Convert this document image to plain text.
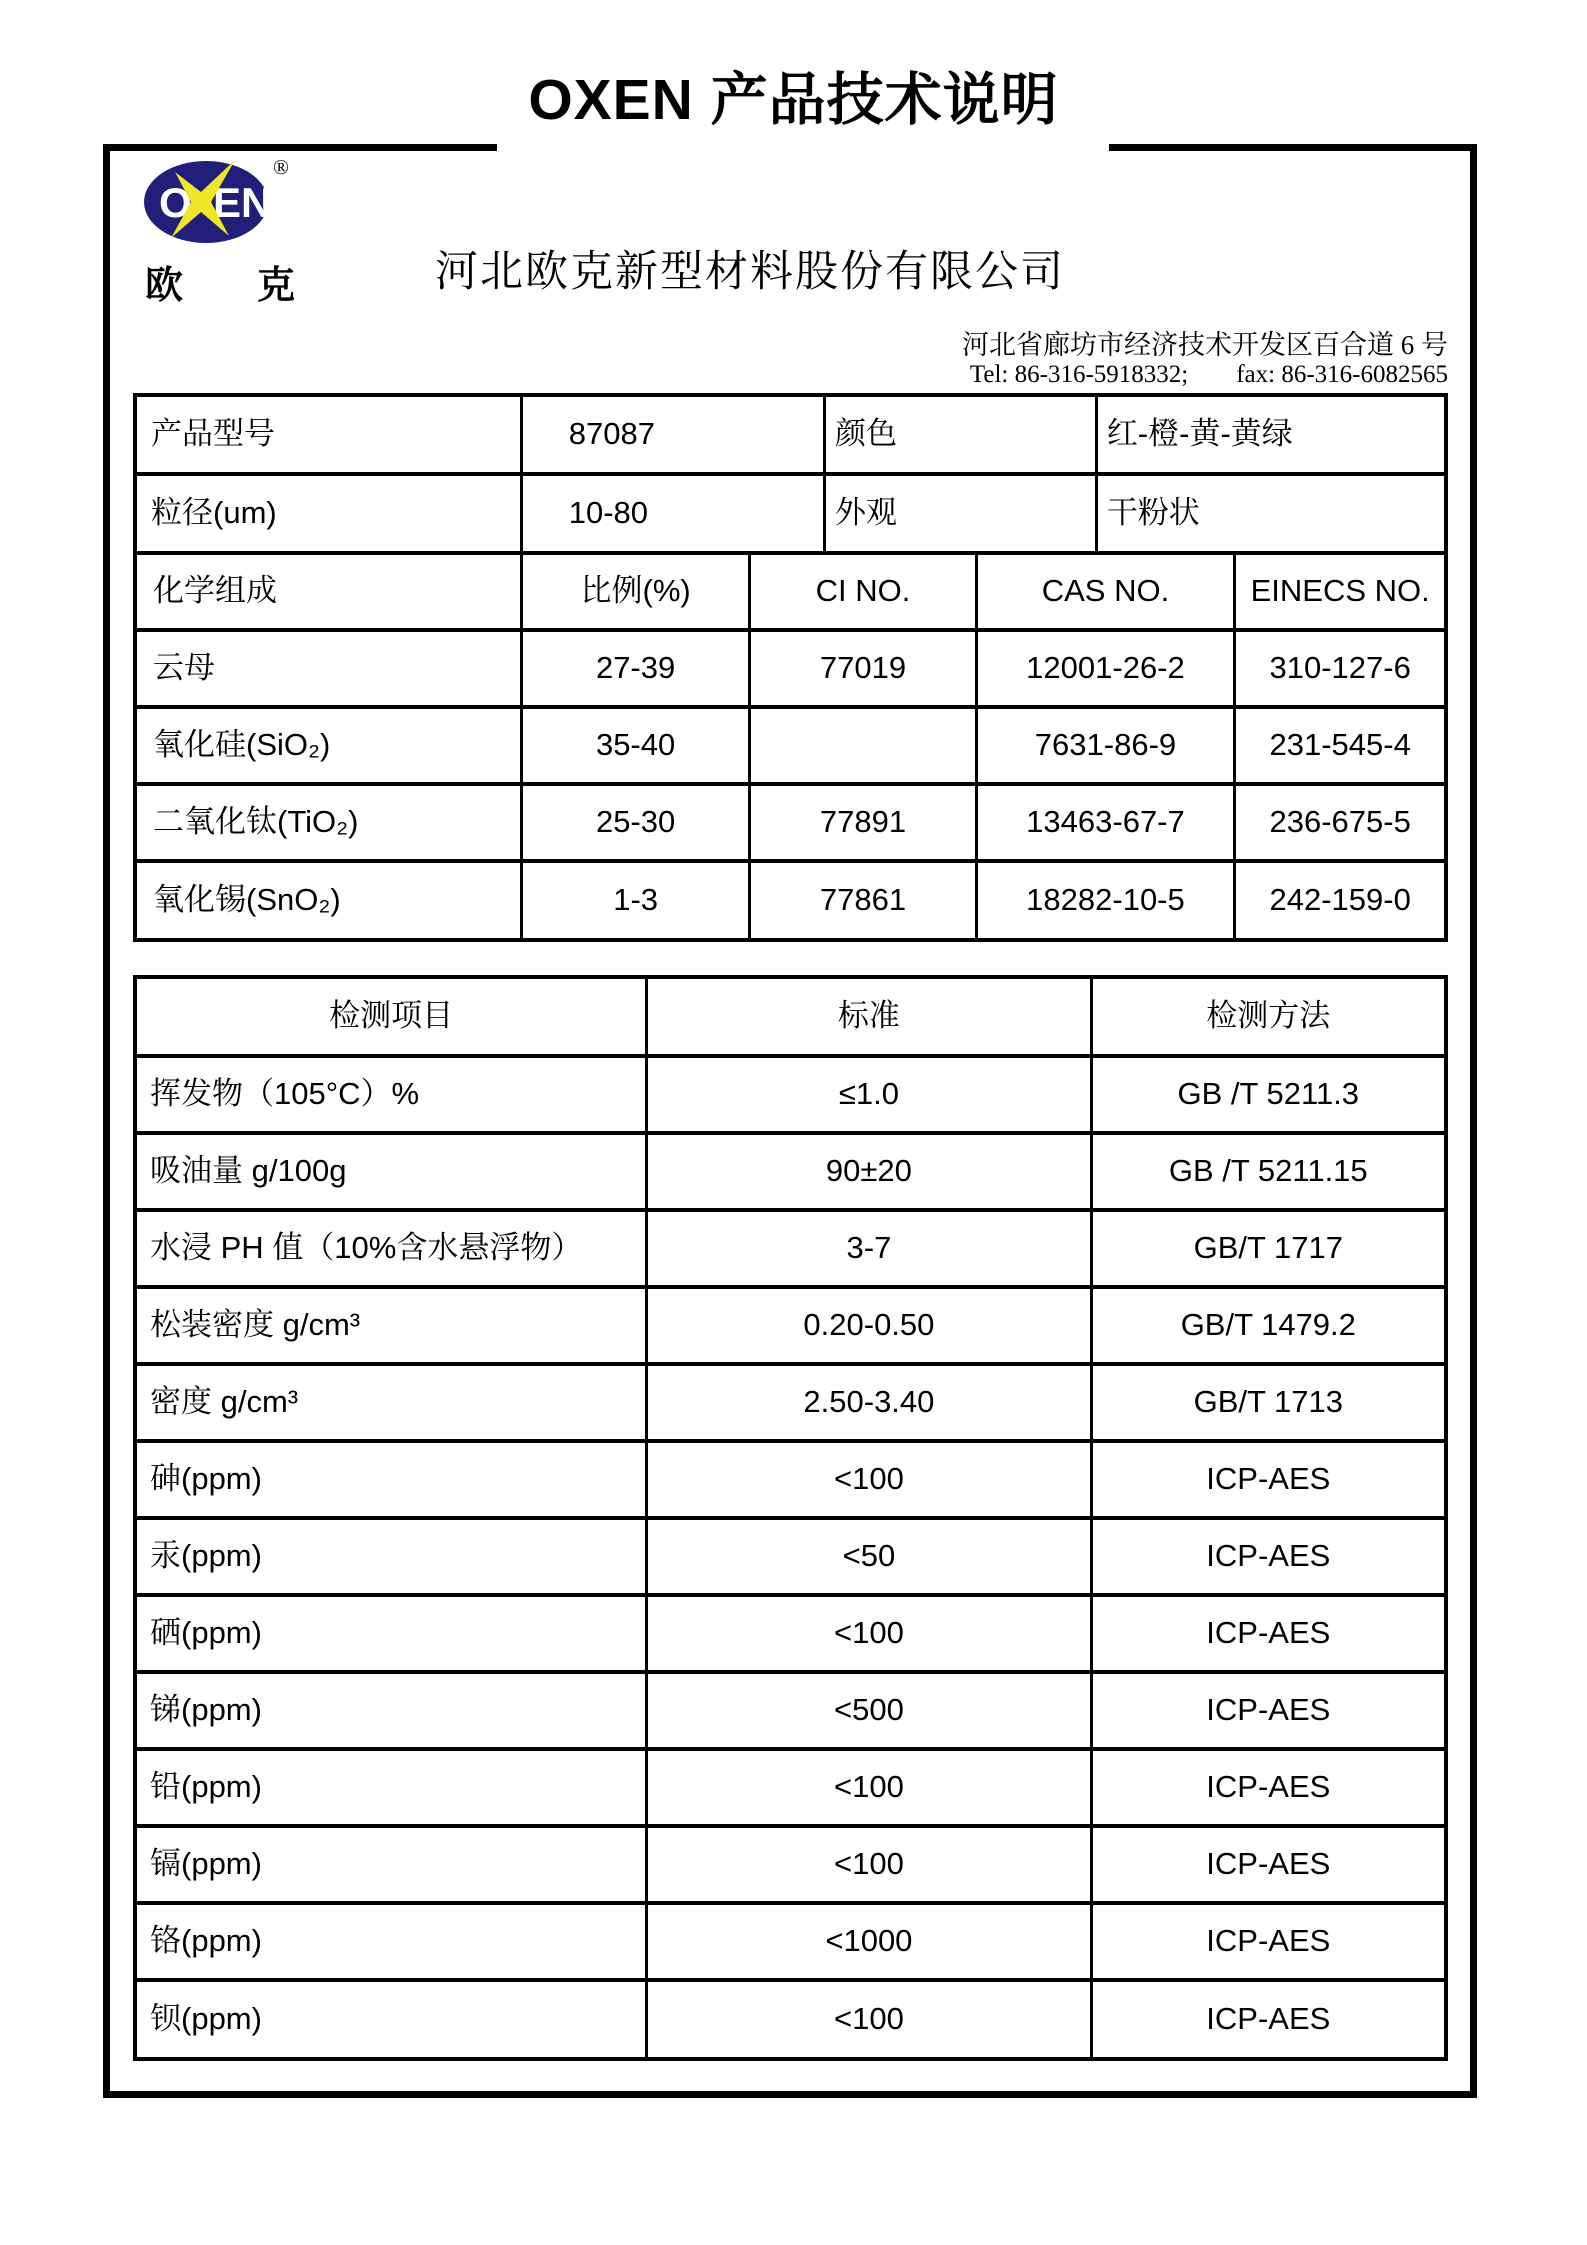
OXEN 产品技术说明
O EN
®
欧 克	河北欧克新型材料股份有限公司
河北省廊坊市经济技术开发区百合道 6 号
Tel: 86-316-5918332; fax: 86-316-6082565
产品型号	87087	颜色	红-橙-黄-黄绿
粒径(um)	10-80	外观	干粉状
化学组成	比例(%)	CI NO.	CAS NO.	EINECS NO.
云母	27-39	77019	12001-26-2	310-127-6
氧化硅(SiO₂)	35-40		7631-86-9	231-545-4
二氧化钛(TiO₂)	25-30	77891	13463-67-7	236-675-5
氧化锡(SnO₂)	1-3	77861	18282-10-5	242-159-0
检测项目	标准	检测方法
挥发物（105°C）%	≤1.0	GB /T 5211.3
吸油量 g/100g	90±20	GB /T 5211.15
水浸 PH 值（10%含水悬浮物）	3-7	GB/T 1717
松装密度 g/cm³	0.20-0.50	GB/T 1479.2
密度 g/cm³	2.50-3.40	GB/T 1713
砷(ppm)	<100	ICP-AES
汞(ppm)	<50	ICP-AES
硒(ppm)	<100	ICP-AES
锑(ppm)	<500	ICP-AES
铅(ppm)	<100	ICP-AES
镉(ppm)	<100	ICP-AES
铬(ppm)	<1000	ICP-AES
钡(ppm)	<100	ICP-AES
